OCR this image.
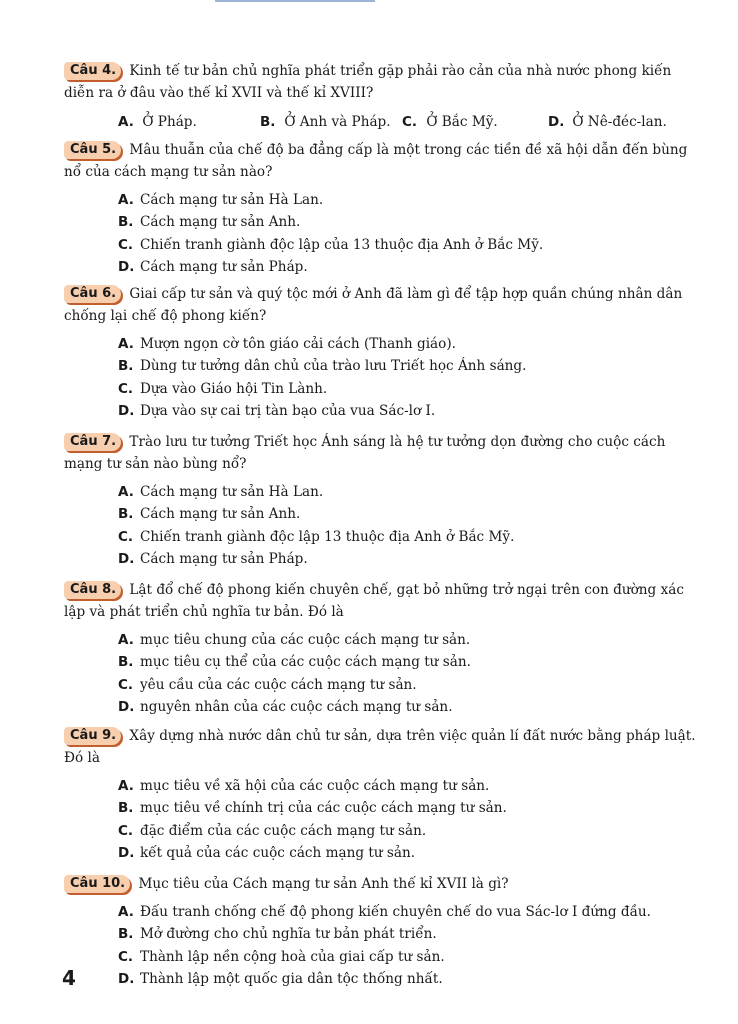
Câu 4. Kinh tế tư bản chủ nghĩa phát triển gặp phải rào cản của nhà nước phong kiến diễn ra ở đâu vào thế kỉ XVII và thế kỉ XVIII?

A. Ở Pháp.	B. Ở Anh và Pháp. C. Ở Bắc Mỹ.	D. Ở Nê-đéc-lan.

Câu 5. Mâu thuẫn của chế độ ba đẳng cấp là một trong các tiền đề xã hội dẫn đến bùng nổ của cách mạng tư sản nào?

A. Cách mạng tư sản Hà Lan.
B. Cách mạng tư sản Anh.
C. Chiến tranh giành độc lập của 13 thuộc địa Anh ở Bắc Mỹ.
D. Cách mạng tư sản Pháp.

Câu 6. Giai cấp tư sản và quý tộc mới ở Anh đã làm gì để tập hợp quần chúng nhân dân chống lại chế độ phong kiến?

A. Mượn ngọn cờ tôn giáo cải cách (Thanh giáo).
B. Dùng tư tưởng dân chủ của trào lưu Triết học Ánh sáng.
C. Dựa vào Giáo hội Tin Lành.
D. Dựa vào sự cai trị tàn bạo của vua Sác-lơ I.

Câu 7. Trào lưu tư tưởng Triết học Ánh sáng là hệ tư tưởng dọn đường cho cuộc cách mạng tư sản nào bùng nổ?

A. Cách mạng tư sản Hà Lan.
B. Cách mạng tư sản Anh.
C. Chiến tranh giành độc lập 13 thuộc địa Anh ở Bắc Mỹ.
D. Cách mạng tư sản Pháp.

Câu 8. Lật đổ chế độ phong kiến chuyên chế, gạt bỏ những trở ngại trên con đường xác lập và phát triển chủ nghĩa tư bản. Đó là

A. mục tiêu chung của các cuộc cách mạng tư sản.
B. mục tiêu cụ thể của các cuộc cách mạng tư sản.
C. yêu cầu của các cuộc cách mạng tư sản.
D. nguyên nhân của các cuộc cách mạng tư sản.

Câu 9. Xây dựng nhà nước dân chủ tư sản, dựa trên việc quản lí đất nước bằng pháp luật. Đó là

A. mục tiêu về xã hội của các cuộc cách mạng tư sản.
B. mục tiêu về chính trị của các cuộc cách mạng tư sản.
C. đặc điểm của các cuộc cách mạng tư sản.
D. kết quả của các cuộc cách mạng tư sản.

Câu 10. Mục tiêu của Cách mạng tư sản Anh thế kỉ XVII là gì?

A. Đấu tranh chống chế độ phong kiến chuyên chế do vua Sác-lơ I đứng đầu.
B. Mở đường cho chủ nghĩa tư bản phát triển.
C. Thành lập nền cộng hoà của giai cấp tư sản.
D. Thành lập một quốc gia dân tộc thống nhất.
4
